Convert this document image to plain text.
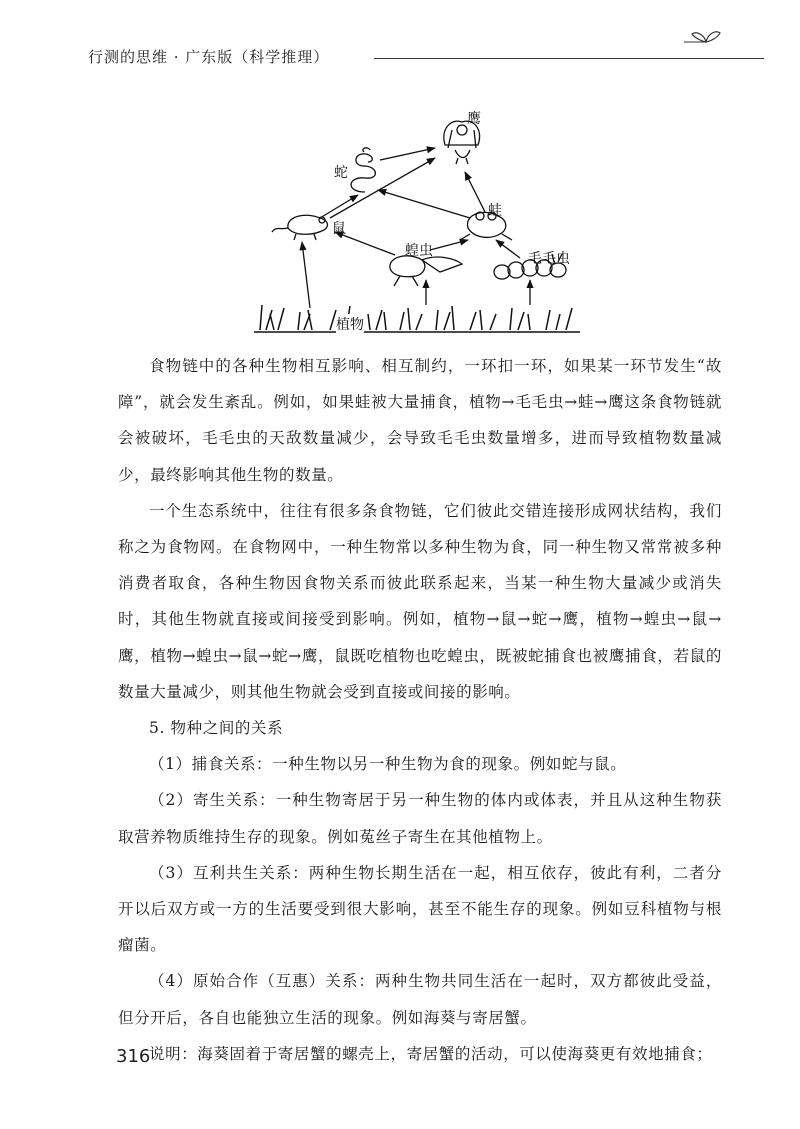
行测的思维 · 广东版（科学推理）
鹰
蛇
蛙
鼠
蝗虫	毛毛虫
植物

食物链中的各种生物相互影响、相互制约，一环扣一环，如果某一环节发生“故障”，就会发生紊乱。例如，如果蛙被大量捕食，植物→毛毛虫→蛙→鹰这条食物链就会被破坏，毛毛虫的天敌数量减少，会导致毛毛虫数量增多，进而导致植物数量减少，最终影响其他生物的数量。

一个生态系统中，往往有很多条食物链，它们彼此交错连接形成网状结构，我们称之为食物网。在食物网中，一种生物常以多种生物为食，同一种生物又常常被多种消费者取食，各种生物因食物关系而彼此联系起来，当某一种生物大量减少或消失时，其他生物就直接或间接受到影响。例如，植物→鼠→蛇→鹰，植物→蝗虫→鼠→鹰，植物→蝗虫→鼠→蛇→鹰，鼠既吃植物也吃蝗虫，既被蛇捕食也被鹰捕食，若鼠的数量大量减少，则其他生物就会受到直接或间接的影响。

5. 物种之间的关系

（1）捕食关系：一种生物以另一种生物为食的现象。例如蛇与鼠。

（2）寄生关系：一种生物寄居于另一种生物的体内或体表，并且从这种生物获取营养物质维持生存的现象。例如菟丝子寄生在其他植物上。

（3）互利共生关系：两种生物长期生活在一起，相互依存，彼此有利，二者分开以后双方或一方的生活要受到很大影响，甚至不能生存的现象。例如豆科植物与根瘤菌。

（4）原始合作（互惠）关系：两种生物共同生活在一起时，双方都彼此受益，但分开后，各自也能独立生活的现象。例如海葵与寄居蟹。

说明：海葵固着于寄居蟹的螺壳上，寄居蟹的活动，可以使海葵更有效地捕食；

316
